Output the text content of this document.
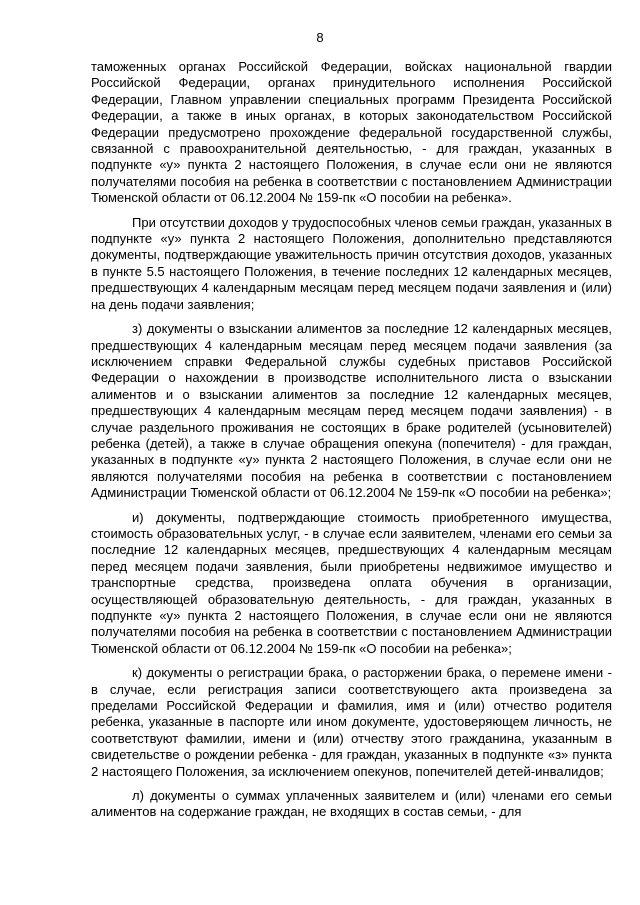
8

таможенных органах Российской Федерации, войсках национальной гвардии Российской Федерации, органах принудительного исполнения Российской Федерации, Главном управлении специальных программ Президента Российской Федерации, а также в иных органах, в которых законодательством Российской Федерации предусмотрено прохождение федеральной государственной службы, связанной с правоохранительной деятельностью, - для граждан, указанных в подпункте «у» пункта 2 настоящего Положения, в случае если они не являются получателями пособия на ребенка в соответствии с постановлением Администрации Тюменской области от 06.12.2004 № 159-пк «О пособии на ребенка».

При отсутствии доходов у трудоспособных членов семьи граждан, указанных в подпункте «у» пункта 2 настоящего Положения, дополнительно представляются документы, подтверждающие уважительность причин отсутствия доходов, указанных в пункте 5.5 настоящего Положения, в течение последних 12 календарных месяцев, предшествующих 4 календарным месяцам перед месяцем подачи заявления и (или) на день подачи заявления;

з) документы о взыскании алиментов за последние 12 календарных месяцев, предшествующих 4 календарным месяцам перед месяцем подачи заявления (за исключением справки Федеральной службы судебных приставов Российской Федерации о нахождении в производстве исполнительного листа о взыскании алиментов и о взыскании алиментов за последние 12 календарных месяцев, предшествующих 4 календарным месяцам перед месяцем подачи заявления) - в случае раздельного проживания не состоящих в браке родителей (усыновителей) ребенка (детей), а также в случае обращения опекуна (попечителя) - для граждан, указанных в подпункте «у» пункта 2 настоящего Положения, в случае если они не являются получателями пособия на ребенка в соответствии с постановлением Администрации Тюменской области от 06.12.2004 № 159-пк «О пособии на ребенка»;

и) документы, подтверждающие стоимость приобретенного имущества, стоимость образовательных услуг, - в случае если заявителем, членами его семьи за последние 12 календарных месяцев, предшествующих 4 календарным месяцам перед месяцем подачи заявления, были приобретены недвижимое имущество и транспортные средства, произведена оплата обучения в организации, осуществляющей образовательную деятельность, - для граждан, указанных в подпункте «у» пункта 2 настоящего Положения, в случае если они не являются получателями пособия на ребенка в соответствии с постановлением Администрации Тюменской области от 06.12.2004 № 159-пк «О пособии на ребенка»;

к) документы о регистрации брака, о расторжении брака, о перемене имени - в случае, если регистрация записи соответствующего акта произведена за пределами Российской Федерации и фамилия, имя и (или) отчество родителя ребенка, указанные в паспорте или ином документе, удостоверяющем личность, не соответствуют фамилии, имени и (или) отчеству этого гражданина, указанным в свидетельстве о рождении ребенка - для граждан, указанных в подпункте «з» пункта 2 настоящего Положения, за исключением опекунов, попечителей детей-инвалидов;

л) документы о суммах уплаченных заявителем и (или) членами его семьи алиментов на содержание граждан, не входящих в состав семьи, - для
